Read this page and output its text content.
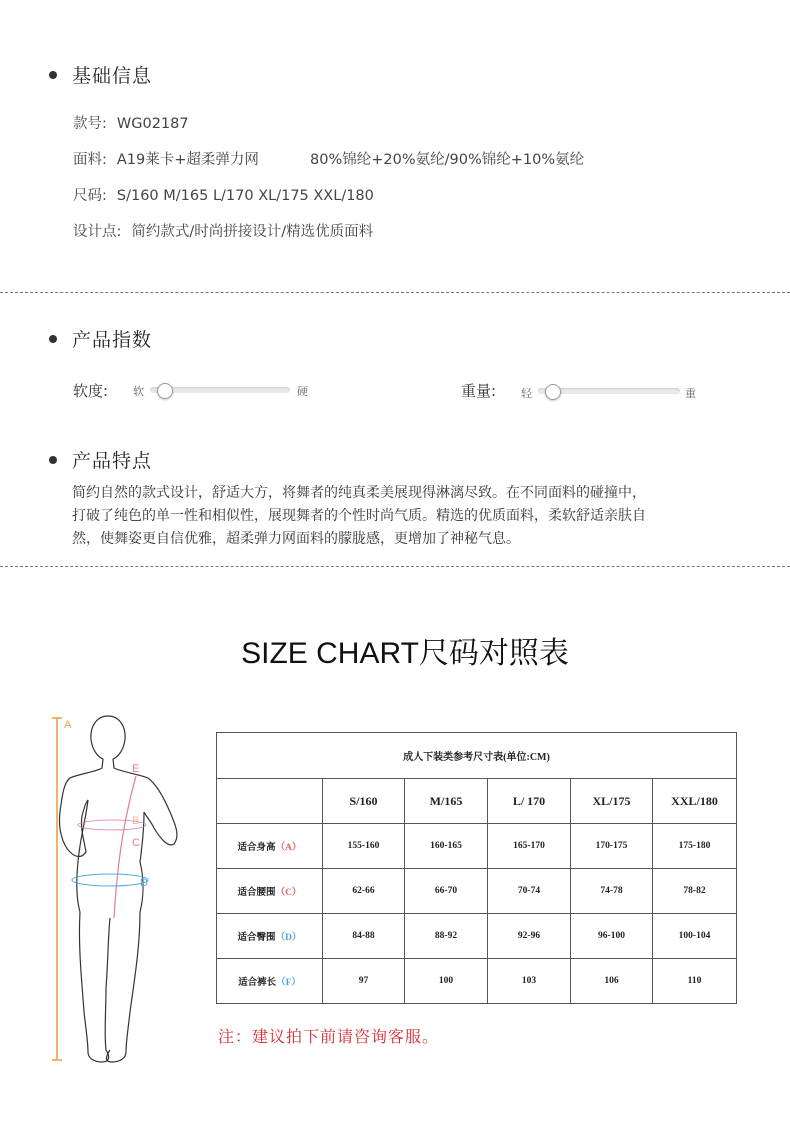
基础信息
款号: WG02187
面料: A19莱卡+超柔弹力网	80%锦纶+20%氨纶/90%锦纶+10%氨纶
尺码: S/160 M/165 L/170 XL/175 XXL/180
设计点: 简约款式/时尚拼接设计/精选优质面料
产品指数
软度: 软	硬	重量: 轻	重
产品特点
简约自然的款式设计，舒适大方，将舞者的纯真柔美展现得淋漓尽致。在不同面料的碰撞中，
打破了纯色的单一性和相似性，展现舞者的个性时尚气质。精选的优质面料，柔软舒适亲肤自
然，使舞姿更自信优雅，超柔弹力网面料的朦胧感，更增加了神秘气息。
SIZE CHART尺码对照表
A
E
B
C
D
成人下装类参考尺寸表(单位:CM)					
	S/160	M/165	L/ 170	XL/175	XXL/180
适合身高（A）	155-160	160-165	165-170	170-175	175-180
适合腰围（C）	62-66	66-70	70-74	74-78	78-82
适合臀围（D）	84-88	88-92	92-96	96-100	100-104
适合裤长（F）	97	100	103	106	110
注：建议拍下前请咨询客服。
